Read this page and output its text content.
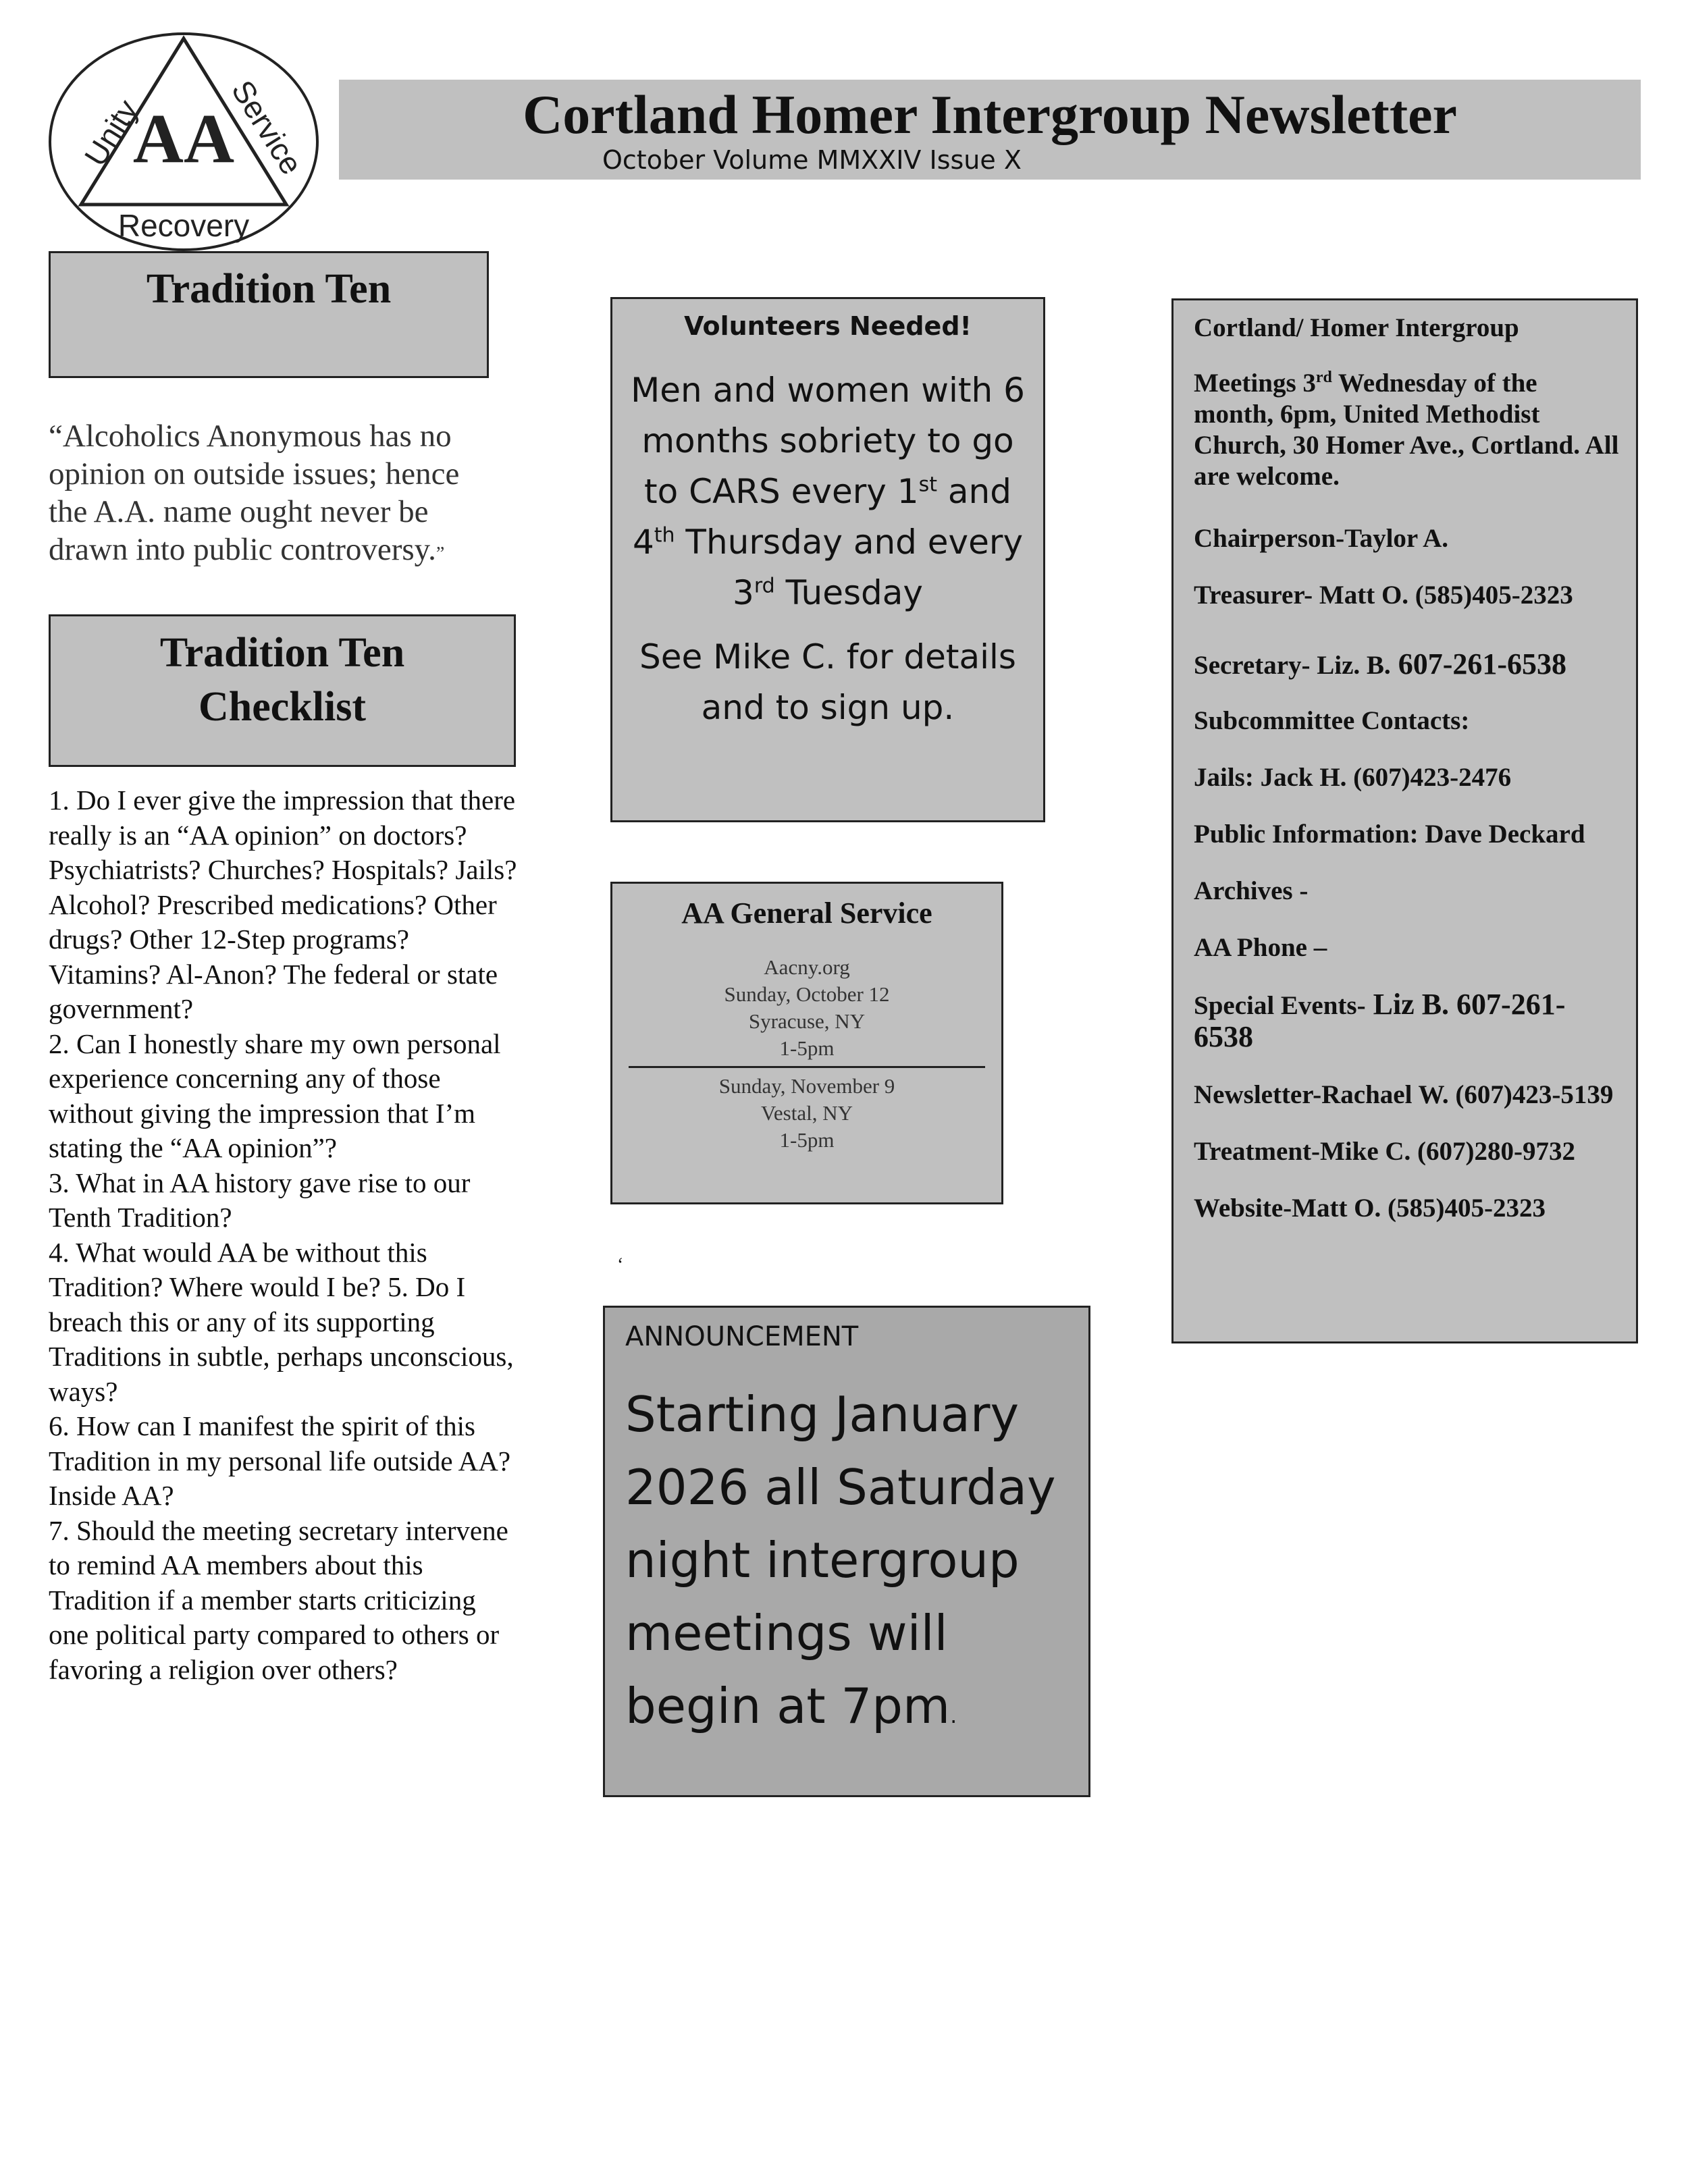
AA
Unity	Service
Recovery
Cortland Homer Intergroup Newsletter
October Volume MMXXIV Issue X
Tradition Ten
“Alcoholics Anonymous has no opinion on outside issues; hence the A.A. name ought never be drawn into public controversy.”
Tradition Ten
Checklist

1. Do I ever give the impression that there really is an “AA opinion” on doctors? Psychiatrists? Churches? Hospitals? Jails? Alcohol? Prescribed medications? Other drugs? Other 12-Step programs? Vitamins? Al-Anon? The federal or state government?

2. Can I honestly share my own personal experience concerning any of those without giving the impression that I’m stating the “AA opinion”?

3. What in AA history gave rise to our Tenth Tradition?

4. What would AA be without this Tradition? Where would I be? 5. Do I breach this or any of its supporting Traditions in subtle, perhaps unconscious, ways?

6. How can I manifest the spirit of this Tradition in my personal life outside AA? Inside AA?

7. Should the meeting secretary intervene to remind AA members about this Tradition if a member starts criticizing one political party compared to others or favoring a religion over others?

Volunteers Needed!
Men and women with 6 months sobriety to go to CARS every 1st and 4th Thursday and every 3rd Tuesday
See Mike C. for details and to sign up.
AA General Service
Aacny.org
Sunday, October 12
Syracuse, NY
1-5pm
Sunday, November 9
Vestal, NY
1-5pm
‘
ANNOUNCEMENT
Starting January 2026 all Saturday night intergroup meetings will begin at 7pm.

Cortland/ Homer Intergroup

Meetings 3rd Wednesday of the month, 6pm, United Methodist Church, 30 Homer Ave., Cortland. All are welcome.

Chairperson-Taylor A.

Treasurer- Matt O. (585)405-2323

Secretary- Liz. B. 607-261-6538

Subcommittee Contacts:

Jails: Jack H. (607)423-2476

Public Information: Dave Deckard

Archives -

AA Phone –

Special Events- Liz B. 607-261-6538

Newsletter-Rachael W. (607)423-5139

Treatment-Mike C. (607)280-9732

Website-Matt O. (585)405-2323
